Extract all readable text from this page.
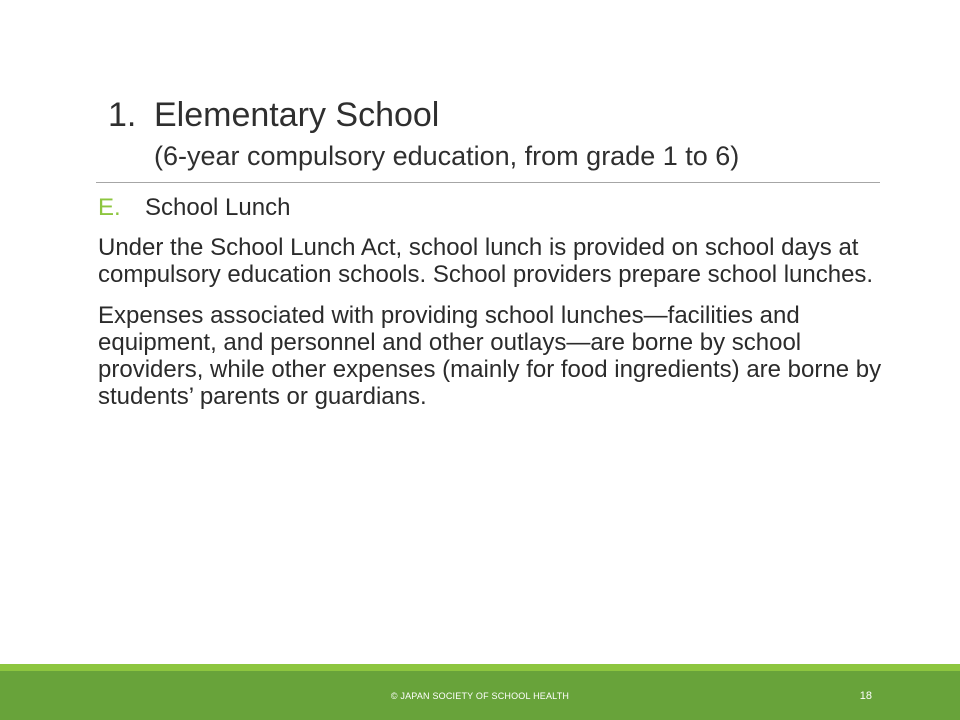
1. Elementary School
(6-year compulsory education, from grade 1 to 6)
E.	School Lunch

Under the School Lunch Act, school lunch is provided on school days at compulsory education schools. School providers prepare school lunches.

Expenses associated with providing school lunches—facilities and equipment, and personnel and other outlays—are borne by school providers, while other expenses (mainly for food ingredients) are borne by students’ parents or guardians.

© JAPAN SOCIETY OF SCHOOL HEALTH	18
